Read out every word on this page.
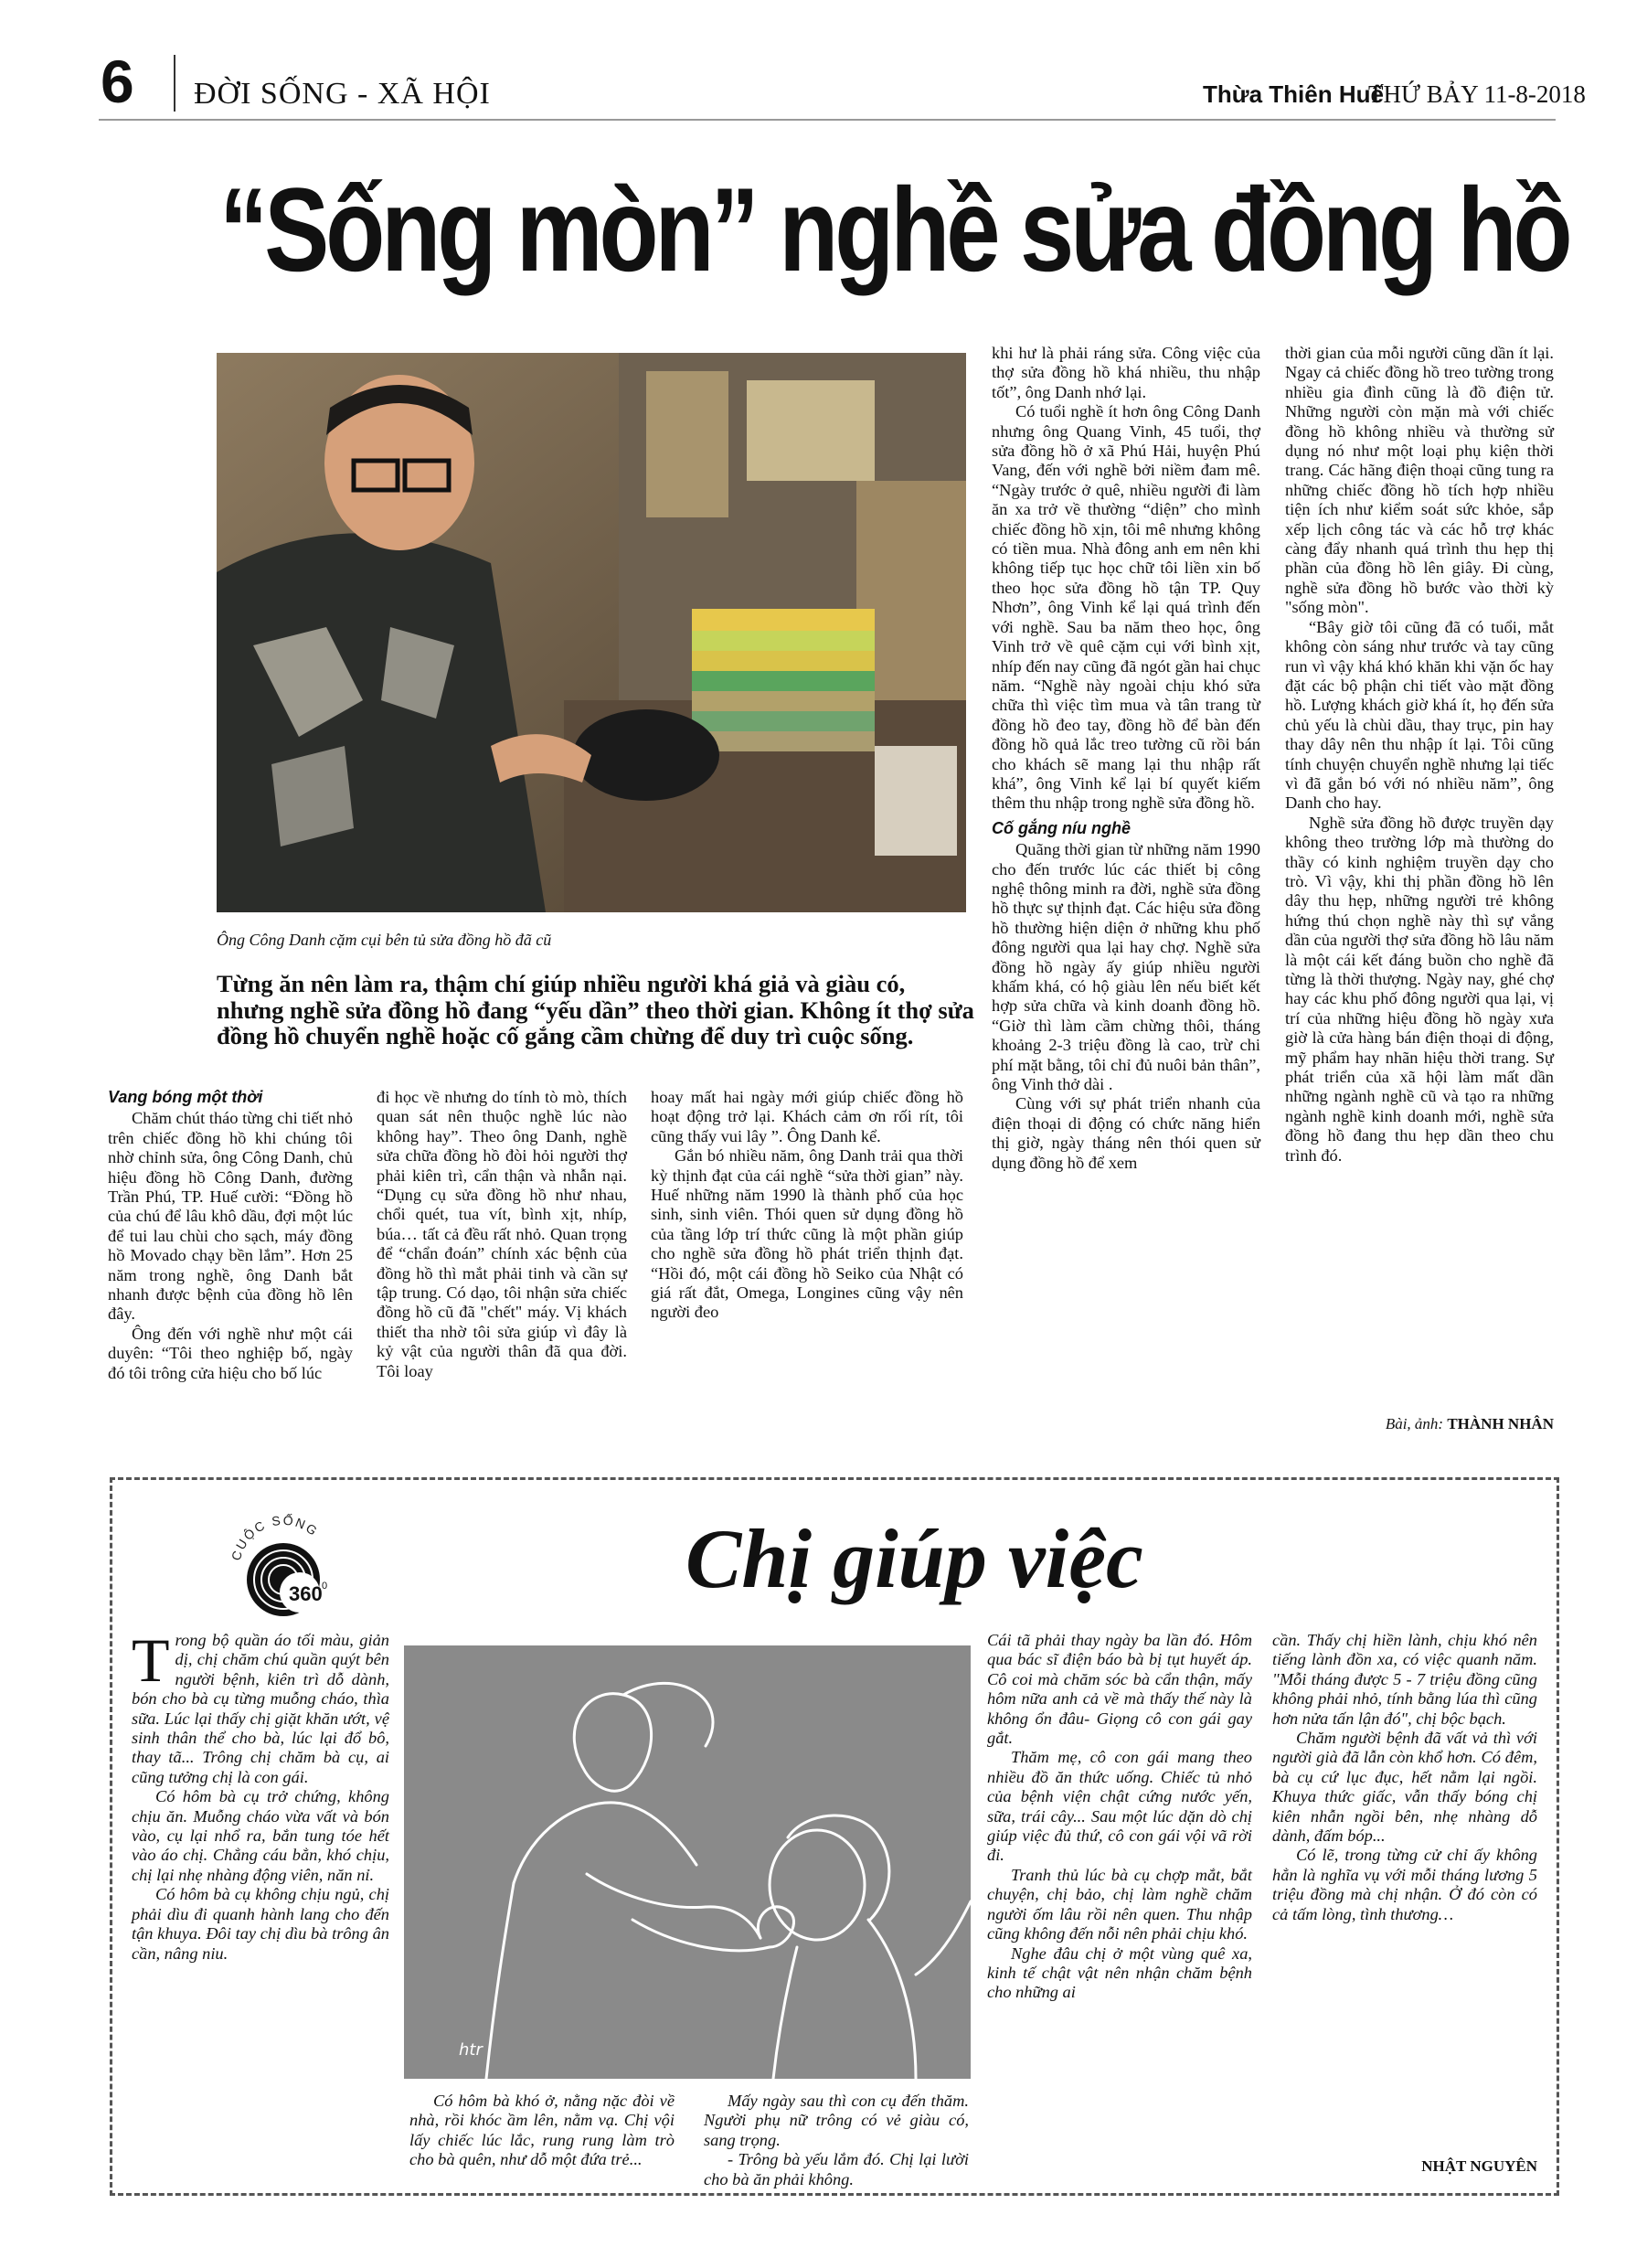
6 ĐỜI SỐNG - XÃ HỘI	Thừa Thiên Huế
THỨ BẢY 11-8-2018
“Sống mòn” nghề sửa đồng hồ
Ông Công Danh cặm cụi bên tủ sửa đồng hồ đã cũ
Từng ăn nên làm ra, thậm chí giúp nhiều người khá giả và giàu có, nhưng nghề sửa đồng hồ đang “yếu dần” theo thời gian. Không ít thợ sửa đồng hồ chuyển nghề hoặc cố gắng cầm chừng để duy trì cuộc sống.
Vang bóng một thời

Chăm chút tháo từng chi tiết nhỏ trên chiếc đồng hồ khi chúng tôi nhờ chỉnh sửa, ông Công Danh, chủ hiệu đồng hồ Công Danh, đường Trần Phú, TP. Huế cười: “Đồng hồ của chú để lâu khô dầu, đợi một lúc để tui lau chùi cho sạch, máy đồng hồ Movado chạy bền lắm”. Hơn 25 năm trong nghề, ông Danh bắt nhanh được bệnh của đồng hồ lên đây.

Ông đến với nghề như một cái duyên: “Tôi theo nghiệp bố, ngày đó tôi trông cửa hiệu cho bố lúc

đi học về nhưng do tính tò mò, thích quan sát nên thuộc nghề lúc nào không hay”. Theo ông Danh, nghề sửa chữa đồng hồ đòi hỏi người thợ phải kiên trì, cẩn thận và nhẫn nại. “Dụng cụ sửa đồng hồ như nhau, chổi quét, tua vít, bình xịt, nhíp, búa… tất cả đều rất nhỏ. Quan trọng để “chẩn đoán” chính xác bệnh của đồng hồ thì mắt phải tinh và cần sự tập trung. Có dạo, tôi nhận sửa chiếc đồng hồ cũ đã "chết" máy. Vị khách thiết tha nhờ tôi sửa giúp vì đây là kỷ vật của người thân đã qua đời. Tôi loay

hoay mất hai ngày mới giúp chiếc đồng hồ hoạt động trở lại. Khách cảm ơn rối rít, tôi cũng thấy vui lây ”. Ông Danh kể.

Gắn bó nhiều năm, ông Danh trải qua thời kỳ thịnh đạt của cái nghề “sửa thời gian” này. Huế những năm 1990 là thành phố của học sinh, sinh viên. Thói quen sử dụng đồng hồ của tầng lớp trí thức cũng là một phần giúp cho nghề sửa đồng hồ phát triển thịnh đạt. “Hồi đó, một cái đồng hồ Seiko của Nhật có giá rất đắt, Omega, Longines cũng vậy nên người đeo

khi hư là phải ráng sửa. Công việc của thợ sửa đồng hồ khá nhiều, thu nhập tốt”, ông Danh nhớ lại.

Có tuổi nghề ít hơn ông Công Danh nhưng ông Quang Vinh, 45 tuổi, thợ sửa đồng hồ ở xã Phú Hải, huyện Phú Vang, đến với nghề bởi niềm đam mê. “Ngày trước ở quê, nhiều người đi làm ăn xa trở về thường “diện” cho mình chiếc đồng hồ xịn, tôi mê nhưng không có tiền mua. Nhà đông anh em nên khi không tiếp tục học chữ tôi liền xin bố theo học sửa đồng hồ tận TP. Quy Nhơn”, ông Vinh kể lại quá trình đến với nghề. Sau ba năm theo học, ông Vinh trở về quê cặm cụi với bình xịt, nhíp đến nay cũng đã ngót gần hai chục năm. “Nghề này ngoài chịu khó sửa chữa thì việc tìm mua và tân trang từ đồng hồ đeo tay, đồng hồ để bàn đến đồng hồ quả lắc treo tường cũ rồi bán cho khách sẽ mang lại thu nhập rất khá”, ông Vinh kể lại bí quyết kiếm thêm thu nhập trong nghề sửa đồng hồ.

Cố gắng níu nghề

Quãng thời gian từ những năm 1990 cho đến trước lúc các thiết bị công nghệ thông minh ra đời, nghề sửa đồng hồ thực sự thịnh đạt. Các hiệu sửa đồng hồ thường hiện diện ở những khu phố đông người qua lại hay chợ. Nghề sửa đồng hồ ngày ấy giúp nhiều người khấm khá, có hộ giàu lên nếu biết kết hợp sửa chữa và kinh doanh đồng hồ. “Giờ thì làm cầm chừng thôi, tháng khoảng 2-3 triệu đồng là cao, trừ chi phí mặt bằng, tôi chỉ đủ nuôi bản thân”, ông Vinh thở dài .

Cùng với sự phát triển nhanh của điện thoại di động có chức năng hiển thị giờ, ngày tháng nên thói quen sử dụng đồng hồ để xem

thời gian của mỗi người cũng dần ít lại. Ngay cả chiếc đồng hồ treo tường trong nhiều gia đình cũng là đồ điện tử. Những người còn mặn mà với chiếc đồng hồ không nhiều và thường sử dụng nó như một loại phụ kiện thời trang. Các hãng điện thoại cũng tung ra những chiếc đồng hồ tích hợp nhiều tiện ích như kiểm soát sức khỏe, sắp xếp lịch công tác và các hỗ trợ khác càng đẩy nhanh quá trình thu hẹp thị phần của đồng hồ lên giây. Đi cùng, nghề sửa đồng hồ bước vào thời kỳ "sống mòn".

“Bây giờ tôi cũng đã có tuổi, mắt không còn sáng như trước và tay cũng run vì vậy khá khó khăn khi vặn ốc hay đặt các bộ phận chi tiết vào mặt đồng hồ. Lượng khách giờ khá ít, họ đến sửa chủ yếu là chùi dầu, thay trục, pin hay thay dây nên thu nhập ít lại. Tôi cũng tính chuyện chuyển nghề nhưng lại tiếc vì đã gắn bó với nó nhiều năm”, ông Danh cho hay.

Nghề sửa đồng hồ được truyền dạy không theo trường lớp mà thường do thầy có kinh nghiệm truyền dạy cho trò. Vì vậy, khi thị phần đồng hồ lên dây thu hẹp, những người trẻ không hứng thú chọn nghề này thì sự vắng dần của người thợ sửa đồng hồ lâu năm là một cái kết đáng buồn cho nghề đã từng là thời thượng. Ngày nay, ghé chợ hay các khu phố đông người qua lại, vị trí của những hiệu đồng hồ ngày xưa giờ là cửa hàng bán điện thoại di động, mỹ phẩm hay nhãn hiệu thời trang. Sự phát triển của xã hội làm mất dần những ngành nghề cũ và tạo ra những ngành nghề kinh doanh mới, nghề sửa đồng hồ đang thu hẹp dần theo chu trình đó.

Bài, ảnh: THÀNH NHÂN
CUỘC SỐNG
360 0	Chị giúp việc
htr

Trong bộ quần áo tối màu, giản dị, chị chăm chú quần quýt bên người bệnh, kiên trì dỗ dành, bón cho bà cụ từng muỗng cháo, thìa sữa. Lúc lại thấy chị giặt khăn ướt, vệ sinh thân thể cho bà, lúc lại đổ bô, thay tã... Trông chị chăm bà cụ, ai cũng tưởng chị là con gái.

Có hôm bà cụ trở chứng, không chịu ăn. Muỗng cháo vừa vất và bón vào, cụ lại nhổ ra, bắn tung tóe hết vào áo chị. Chẳng cáu bẳn, khó chịu, chị lại nhẹ nhàng động viên, năn nỉ.

Có hôm bà cụ không chịu ngủ, chị phải dìu đi quanh hành lang cho đến tận khuya. Đôi tay chị dìu bà trông ân cần, nâng niu.

Có hôm bà khó ở, nằng nặc đòi về nhà, rồi khóc ầm lên, nằm vạ. Chị vội lấy chiếc lúc lắc, rung rung làm trò cho bà quên, như dỗ một đứa trẻ...

Mấy ngày sau thì con cụ đến thăm. Người phụ nữ trông có vẻ giàu có, sang trọng.

- Trông bà yếu lắm đó. Chị lại lười cho bà ăn phải không.

Cái tã phải thay ngày ba lần đó. Hôm qua bác sĩ điện báo bà bị tụt huyết áp. Cô coi mà chăm sóc bà cẩn thận, mấy hôm nữa anh cả về mà thấy thế này là không ổn đâu- Giọng cô con gái gay gắt.

Thăm mẹ, cô con gái mang theo nhiều đồ ăn thức uống. Chiếc tủ nhỏ của bệnh viện chật cứng nước yến, sữa, trái cây... Sau một lúc dặn dò chị giúp việc đủ thứ, cô con gái vội vã rời đi.

Tranh thủ lúc bà cụ chợp mắt, bắt chuyện, chị bảo, chị làm nghề chăm người ốm lâu rồi nên quen. Thu nhập cũng không đến nỗi nên phải chịu khó.

Nghe đâu chị ở một vùng quê xa, kinh tế chật vật nên nhận chăm bệnh cho những ai

cần. Thấy chị hiền lành, chịu khó nên tiếng lành đồn xa, có việc quanh năm. "Mỗi tháng được 5 - 7 triệu đồng cũng không phải nhỏ, tính bằng lúa thì cũng hơn nửa tấn lận đó", chị bộc bạch.

Chăm người bệnh đã vất vả thì với người già đã lẫn còn khổ hơn. Có đêm, bà cụ cứ lục đục, hết nằm lại ngồi. Khuya thức giấc, vẫn thấy bóng chị kiên nhẫn ngồi bên, nhẹ nhàng dỗ dành, đấm bóp...

Có lẽ, trong từng cử chỉ ấy không hẳn là nghĩa vụ với mỗi tháng lương 5 triệu đồng mà chị nhận. Ở đó còn có cả tấm lòng, tình thương…

NHẬT NGUYÊN
